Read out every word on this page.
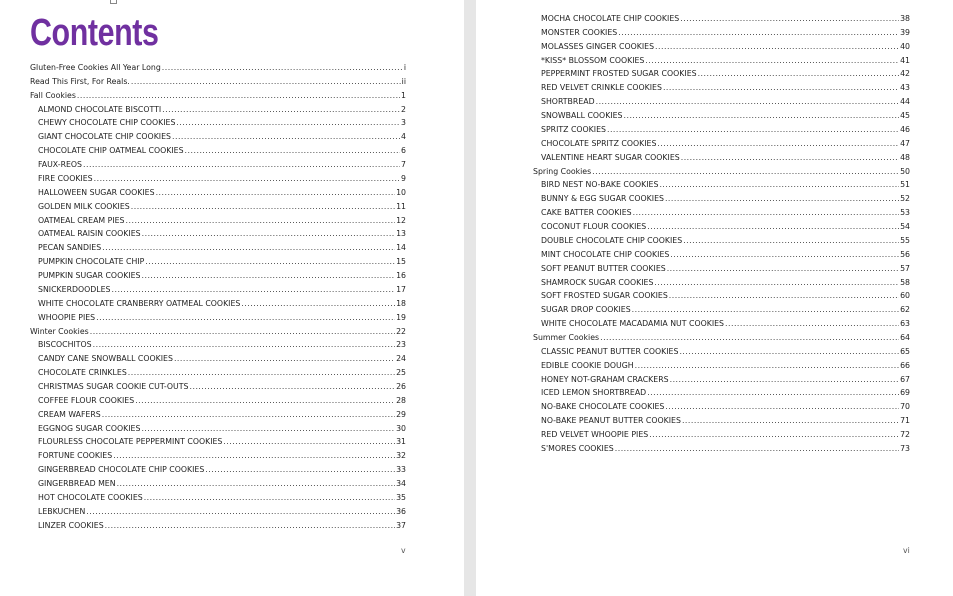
Contents
Gluten-Free Cookies All Year Long .....	i
Read This First, For Reals. .....	ii
Fall Cookies .....	1
ALMOND CHOCOLATE BISCOTTI .....	2
CHEWY CHOCOLATE CHIP COOKIES .....	3
GIANT CHOCOLATE CHIP COOKIES .....	4
CHOCOLATE CHIP OATMEAL COOKIES .....	6
FAUX-REOS .....	7
FIRE COOKIES .....	9
HALLOWEEN SUGAR COOKIES .....	10
GOLDEN MILK COOKIES .....	11
OATMEAL CREAM PIES .....	12
OATMEAL RAISIN COOKIES .....	13
PECAN SANDIES .....	14
PUMPKIN CHOCOLATE CHIP .....	15
PUMPKIN SUGAR COOKIES .....	16
SNICKERDOODLES .....	17
WHITE CHOCOLATE CRANBERRY OATMEAL COOKIES .....	18
WHOOPIE PIES .....	19
Winter Cookies .....	22
BISCOCHITOS .....	23
CANDY CANE SNOWBALL COOKIES .....	24
CHOCOLATE CRINKLES .....	25
CHRISTMAS SUGAR COOKIE CUT-OUTS .....	26
COFFEE FLOUR COOKIES .....	28
CREAM WAFERS .....	29
EGGNOG SUGAR COOKIES .....	30
FLOURLESS CHOCOLATE PEPPERMINT COOKIES .....	31
FORTUNE COOKIES .....	32
GINGERBREAD CHOCOLATE CHIP COOKIES .....	33
GINGERBREAD MEN .....	34
HOT CHOCOLATE COOKIES .....	35
LEBKUCHEN .....	36
LINZER COOKIES .....	37
v
MOCHA CHOCOLATE CHIP COOKIES .....	38
MONSTER COOKIES .....	39
MOLASSES GINGER COOKIES .....	40
*KISS* BLOSSOM COOKIES .....	41
PEPPERMINT FROSTED SUGAR COOKIES .....	42
RED VELVET CRINKLE COOKIES .....	43
SHORTBREAD .....	44
SNOWBALL COOKIES .....	45
SPRITZ COOKIES .....	46
CHOCOLATE SPRITZ COOKIES .....	47
VALENTINE HEART SUGAR COOKIES .....	48
Spring Cookies .....	50
BIRD NEST NO-BAKE COOKIES .....	51
BUNNY & EGG SUGAR COOKIES .....	52
CAKE BATTER COOKIES .....	53
COCONUT FLOUR COOKIES .....	54
DOUBLE CHOCOLATE CHIP COOKIES .....	55
MINT CHOCOLATE CHIP COOKIES .....	56
SOFT PEANUT BUTTER COOKIES .....	57
SHAMROCK SUGAR COOKIES .....	58
SOFT FROSTED SUGAR COOKIES .....	60
SUGAR DROP COOKIES .....	62
WHITE CHOCOLATE MACADAMIA NUT COOKIES .....	63
Summer Cookies .....	64
CLASSIC PEANUT BUTTER COOKIES .....	65
EDIBLE COOKIE DOUGH .....	66
HONEY NOT-GRAHAM CRACKERS .....	67
ICED LEMON SHORTBREAD .....	69
NO-BAKE CHOCOLATE COOKIES .....	70
NO-BAKE PEANUT BUTTER COOKIES .....	71
RED VELVET WHOOPIE PIES .....	72
S'MORES COOKIES .....	73
vi
